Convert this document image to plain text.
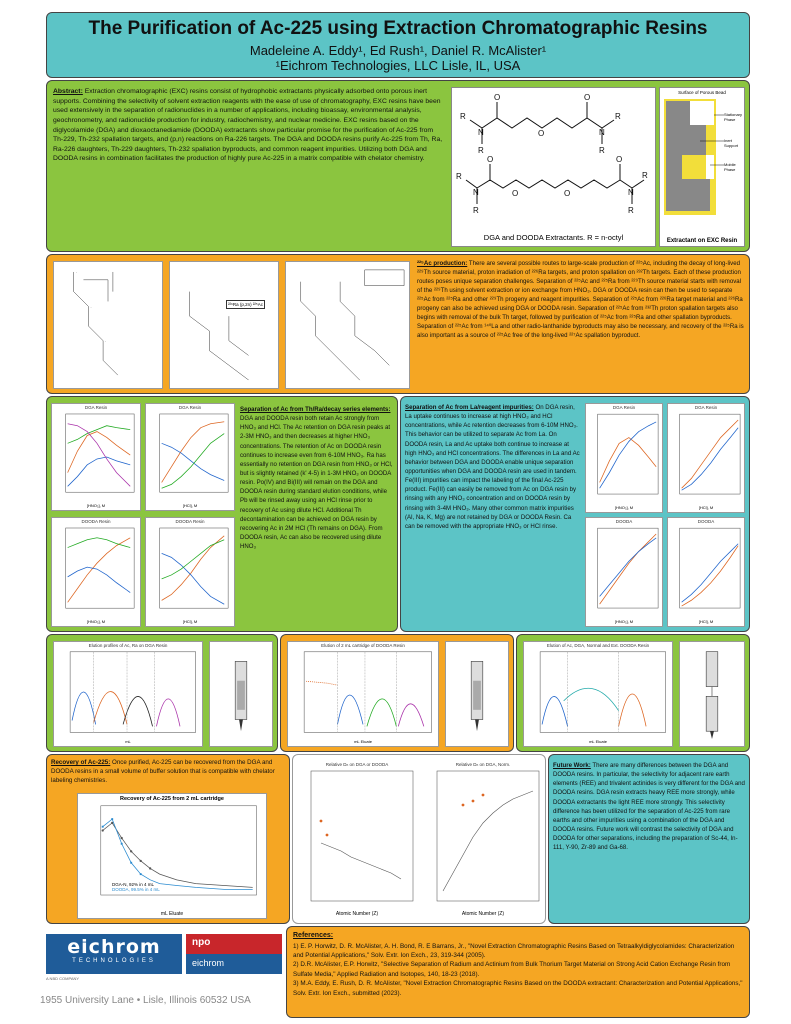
The Purification of Ac-225 using Extraction Chromatographic Resins
Madeleine A. Eddy¹, Ed Rush¹, Daniel R. McAlister¹
¹Eichrom Technologies, LLC Lisle, IL, USA
Abstract: Extraction chromatographic (EXC) resins consist of hydrophobic extractants physically adsorbed onto porous inert supports. Combining the selectivity of solvent extraction reagents with the ease of use of chromatography, EXC resins have been used extensively in the separation of radionuclides in a number of applications, including bioassay, environmental analysis, geochronometry, and radionuclide production for industry, radiochemistry, and nuclear medicine. EXC resins based on the diglycolamide (DGA) and dioxaoctanediamide (DOODA) extractants show particular promise for the purification of Ac-225 from Th-229, Th-232 spallation targets, and (p,n) reactions on Ra-226 targets. The DGA and DOODA resins purify Ac-225 from Th, Ra, Ra-226 daughters, Th-229 daughters, Th-232 spallation byproducts, and common reagent impurities. Utilizing both DGA and DOODA resins in combination facilitates the production of highly pure Ac-225 in a matrix compatible with chelator chemistry.
O	O
O
N	N
R
R
R
R
O	O
O	O
N	N
R
R
R
R
DGA and DOODA Extractants. R = n-octyl
Surface of Porous Bead
Stationary Phase
Inert Support
Mobile Phase
Extractant on EXC Resin
·
·
·
²²⁶Ra (p,2n) ²²⁵Ac
²²⁵Ac production: There are several possible routes to large-scale production of ²²⁵Ac, including the decay of long-lived ²²⁹Th source material, proton irradiation of ²²⁶Ra targets, and proton spallation on ²³²Th targets. Each of these production routes poses unique separation challenges. Separation of ²²⁵Ac and ²²⁵Ra from ²²⁹Th source material starts with removal of the ²²⁹Th using solvent extraction or ion exchange from HNO₃. DGA or DOODA resin can then be used to separate ²²⁵Ac from ²²⁵Ra and other ²²⁹Th progeny and reagent impurities. Separation of ²²⁵Ac from ²²⁶Ra target material and ²²⁶Ra progeny can also be achieved using DGA or DOODA resin. Separation of ²²⁵Ac from ²³²Th proton spallation targets also begins with removal of the bulk Th target, followed by purification of ²²⁵Ac from ²²⁵Ra and other spallation byproducts. Separation of ²²⁵Ac from ¹⁴⁰La and other radio-lanthanide byproducts may also be necessary, and recovery of the ²²⁵Ra is also important as a source of ²²⁵Ac free of the long-lived ²²⁷Ac spallation byproduct.
DGA Resin
[HNO₃], M
DGA Resin
[HCl], M
DOODA Resin
[HNO₃], M
DOODA Resin
[HCl], M
Separation of Ac from Th/Ra/decay series elements: DGA and DOODA resin both retain Ac strongly from HNO₃ and HCl. The Ac retention on DGA resin peaks at 2-3M HNO₃ and then decreases at higher HNO₃ concentrations. The retention of Ac on DOODA resin continues to increase even from 6-10M HNO₃. Ra has essentially no retention on DGA resin from HNO₃ or HCl, but is slightly retained (k' 4-5) in 1-3M HNO₃ on DOODA resin. Po(IV) and Bi(III) will remain on the DGA and DOODA resin during standard elution conditions, while Pb will be rinsed away using an HCl rinse prior to recovery of Ac using dilute HCl. Additional Th decontamination can be achieved on DGA resin by recovering Ac in 2M HCl (Th remains on DGA). From DOODA resin, Ac can also be recovered using dilute HNO₃
Separation of Ac from La/reagent impurities: On DGA resin, La uptake continues to increase at high HNO₃ and HCl concentrations, while Ac retention decreases from 6-10M HNO₃. This behavior can be utilized to separate Ac from La. On DOODA resin, La and Ac uptake both continue to increase at high HNO₃ and HCl concentrations. The differences in La and Ac behavior between DGA and DOODA enable unique separation opportunities when DGA and DOODA resin are used in tandem. Fe(III) impurities can impact the labeling of the final Ac-225 product. Fe(III) can easily be removed from Ac on DGA resin by rinsing with any HNO₃ concentration and on DOODA resin by rinsing with 3-4M HNO₃. Many other common matrix impurities (Al, Na, K, Mg) are not retained by DGA or DOODA Resin. Ca can be removed with the appropriate HNO₃ or HCl rinse.
DGA Resin
[HNO₃], M
DGA Resin
[HCl], M
DOODA
[HNO₃], M
DOODA
[HCl], M
Elution profiles of Ac, Ra on DGA Resin
mL
Elution of 2 mL cartridge of DOODA Resin
mL Eluate
Elution of Ac, DGA, Normal and Ext. DOODA Resin
mL Eluate
Recovery of Ac-225: Once purified, Ac-225 can be recovered from the DGA and DOODA resins in a small volume of buffer solution that is compatible with chelator labeling chemistries.
Recovery of Ac-225 from 2 mL cartridge
DGA-N, 92% in 4 mL
DOODA, 99.5% in 4 mL
mL Eluate
Relative Dₙ on DGA or DOODA
Atomic Number (Z)
Relative Dₙ on DGA, Norm.
Atomic Number (Z)
Future Work: There are many differences between the DGA and DOODA resins. In particular, the selectivity for adjacent rare earth elements (REE) and trivalent actinides is very different for the DGA and DOODA resins. DGA resin extracts heavy REE more strongly, while DOODA extractants the light REE more strongly. This selectivity difference has been utilized for the separation of Ac-225 from rare earths and other impurities using a combination of the DGA and DOODA resins. Future work will contrast the selectivity of DGA and DOODA for other separations, including the preparation of Sc-44, In-111, Y-90, Zr-89 and Ga-68.
eichrom
TECHNOLOGIES
A NBD COMPANY
npo
eichrom
1955 University Lane • Lisle, Illinois 60532 USA
References:
1) E. P. Horwitz, D. R. McAlister, A. H. Bond, R. E Barrans, Jr., "Novel Extraction Chromatographic Resins Based on Tetraalkyldiglycolamides: Characterization and Potential Applications," Solv. Extr. Ion Exch., 23, 319-344 (2005).
2) D.R. McAlister, E.P. Horwitz, "Selective Separation of Radium and Actinium from Bulk Thorium Target Material on Strong Acid Cation Exchange Resin from Sulfate Media," Applied Radiation and Isotopes, 140, 18-23 (2018).
3) M.A. Eddy, E. Rush, D. R. McAlister, "Novel Extraction Chromatographic Resins Based on the DOODA extractant: Characterization and Potential Applications," Solv. Extr. Ion Exch., submitted (2023).
